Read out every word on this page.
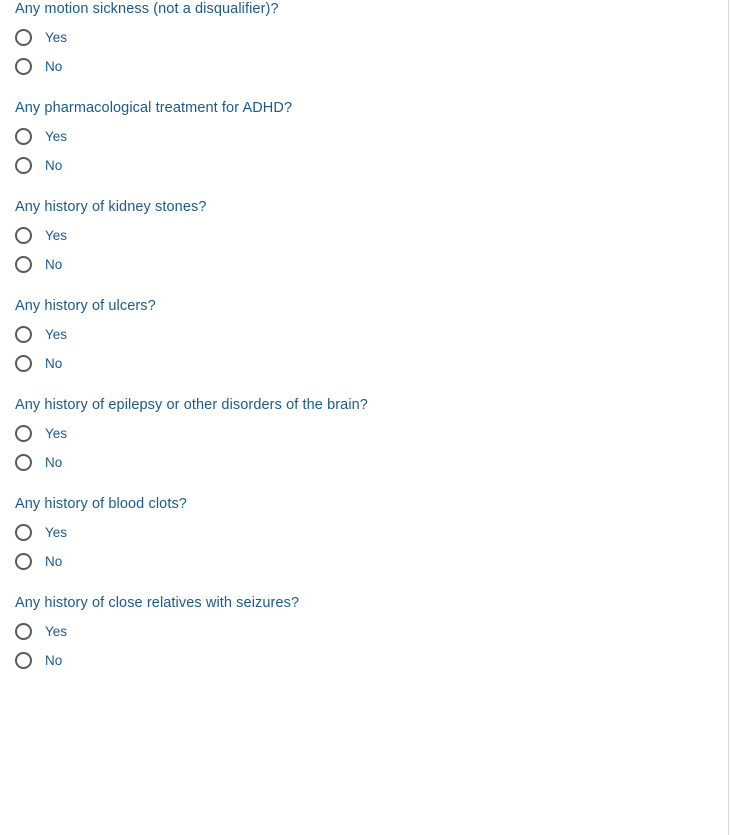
Any motion sickness (not a disqualifier)?
Yes
No
Any pharmacological treatment for ADHD?
Yes
No
Any history of kidney stones?
Yes
No
Any history of ulcers?
Yes
No
Any history of epilepsy or other disorders of the brain?
Yes
No
Any history of blood clots?
Yes
No
Any history of close relatives with seizures?
Yes
No
